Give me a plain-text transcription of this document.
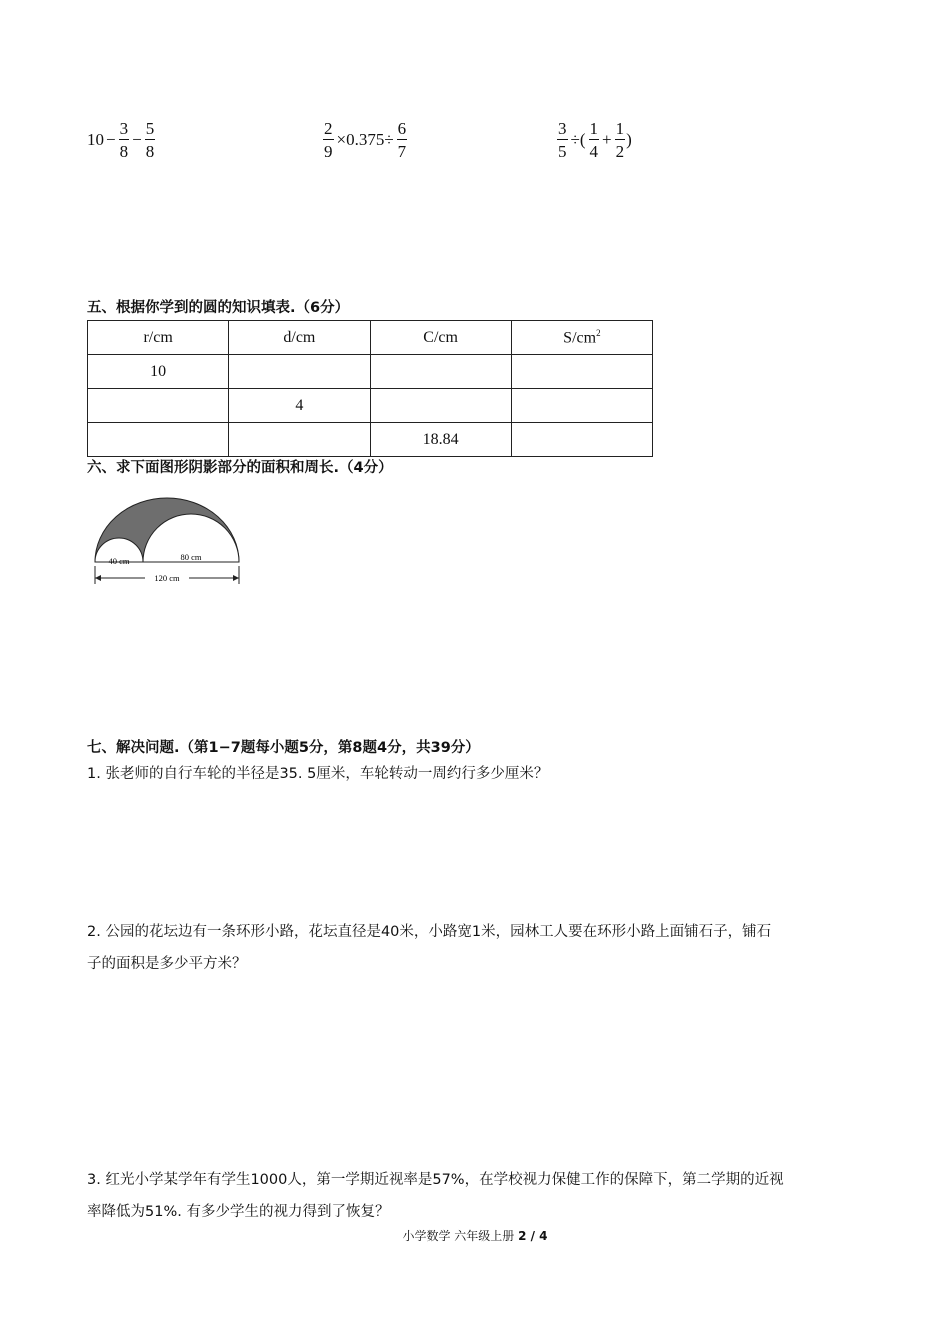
$10 - \frac{3}{8} - \frac{5}{8}$	$\frac{2}{9} \times 0.375\div \frac{6}{7}$	$\frac{3}{5}$ ÷( $\frac{1}{4} + \frac{1}{2}$ )
五、根据你学到的圆的知识填表.（6分）
r/cm	d/cm	C/cm	$S/cm^2$
10			
	4		
		18.84	
六、求下面图形阴影部分的面积和周长.（4分）
40 cm	80 cm
120 cm
七、解决问题.（第1−7题每小题5分，第8题4分，共39分）
1. 张老师的自行车轮的半径是35. 5厘米，车轮转动一周约行多少厘米？
2. 公园的花坛边有一条环形小路，花坛直径是40米，小路宽1米，园林工人要在环形小路上面铺石子，铺石
子的面积是多少平方米？
3. 红光小学某学年有学生1000人，第一学期近视率是57%，在学校视力保健工作的保障下，第二学期的近视
率降低为51%. 有多少学生的视力得到了恢复？
小学数学 六年级上册 2 / 4
